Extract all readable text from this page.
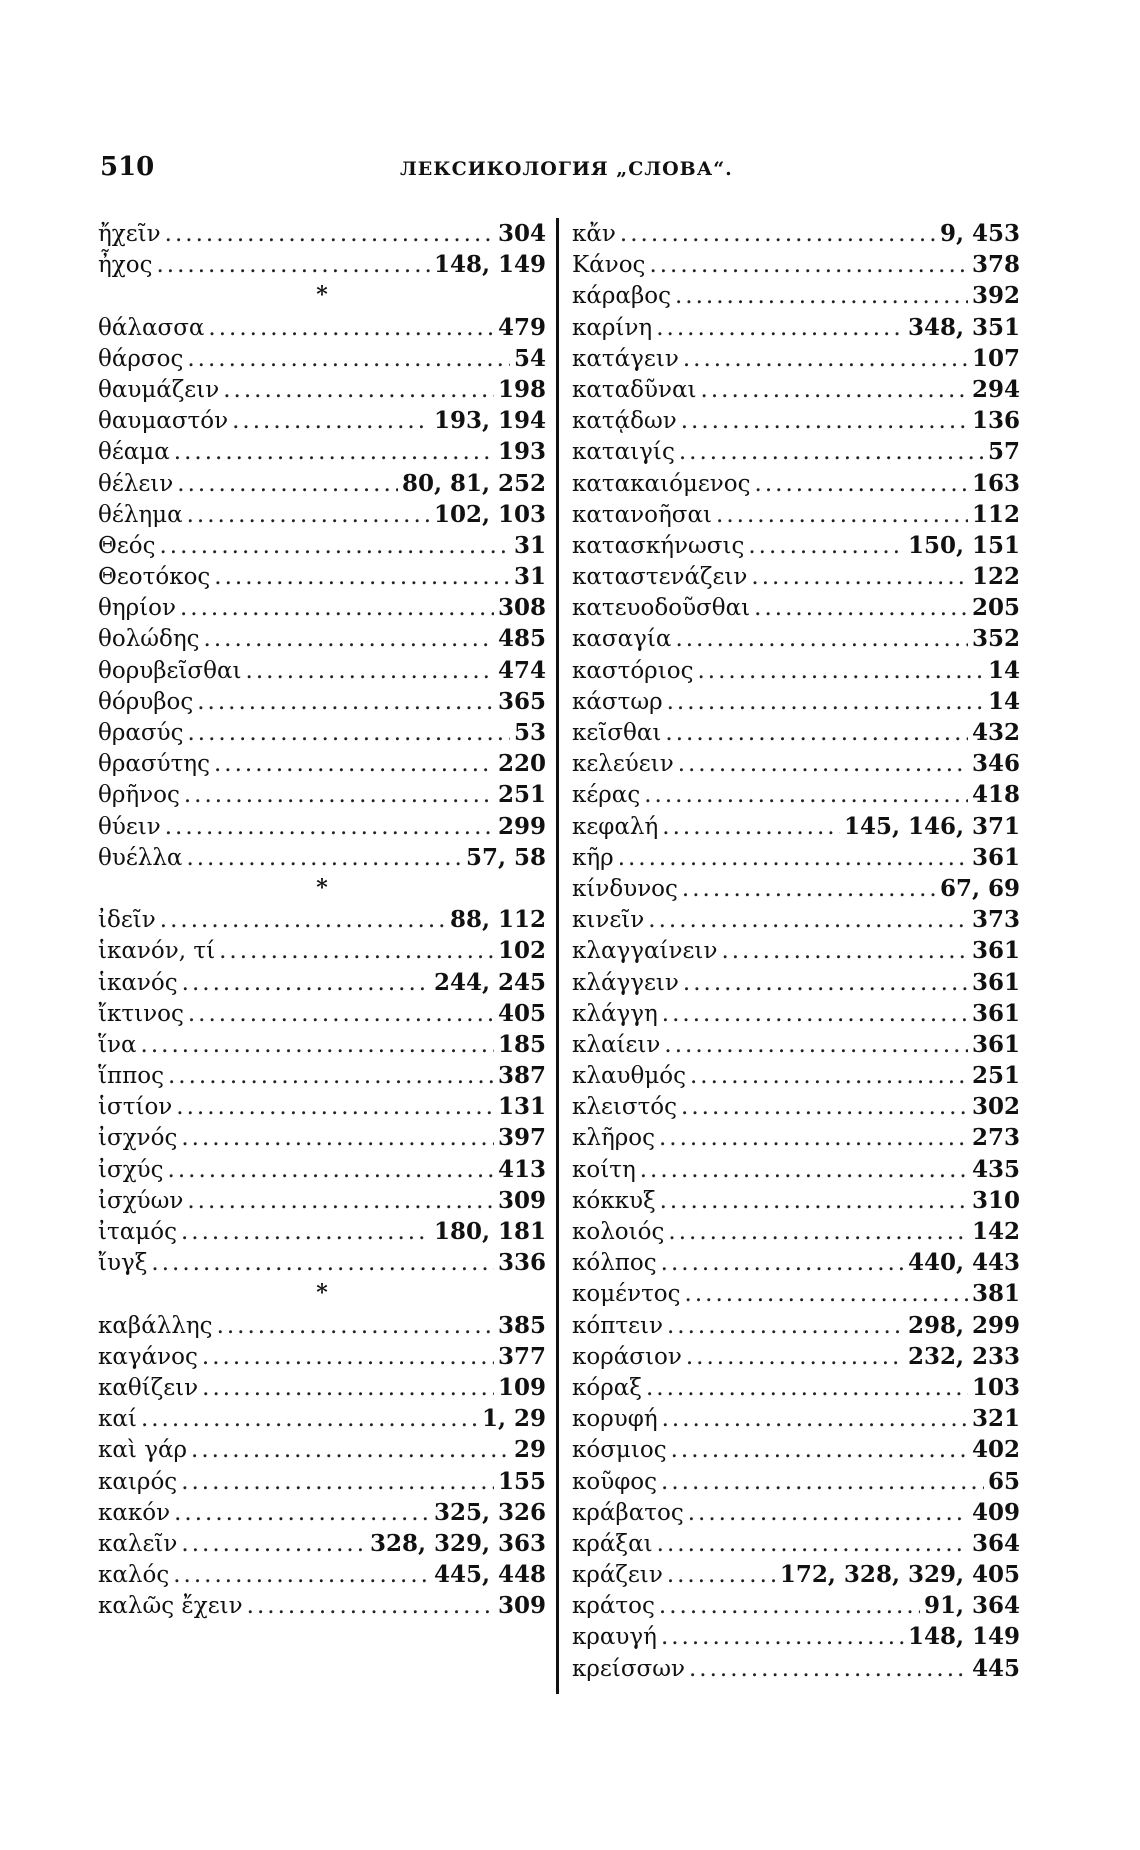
510	ЛЕКСИКОЛОГИЯ „СЛОВА“.
ἤχεῖν .....	304
ἦχος .....	148, 149
*
θάλασσα .....	479
θάρσος .....	54
θαυμάζειν .....	198
θαυμαστόν .....	193, 194
θέαμα .....	193
θέλειν .....	80, 81, 252
θέλημα .....	102, 103
Θεός .....	31
Θεοτόκος .....	31
θηρίον .....	308
θολώδης .....	485
θορυβεῖσθαι .....	474
θόρυβος .....	365
θρασύς .....	53
θρασύτης .....	220
θρῆνος .....	251
θύειν .....	299
θυέλλα .....	57, 58
*
ἰδεῖν .....	88, 112
ἱκανόν, τί .....	102
ἱκανός .....	244, 245
ἴκτινος .....	405
ἵνα .....	185
ἵππος .....	387
ἱστίον .....	131
ἰσχνός .....	397
ἰσχύς .....	413
ἰσχύων .....	309
ἰταμός .....	180, 181
ἴυγξ .....	336
*
καβάλλης .....	385
καγάνος .....	377
καθίζειν .....	109
καί .....	1, 29
καὶ γάρ .....	29
καιρός .....	155
κακόν .....	325, 326
καλεῖν .....	328, 329, 363
καλός .....	445, 448
καλῶς ἔχειν .....	309
κἄν .....	9, 453
Κάνος .....	378
κάραβος .....	392
καρίνη .....	348, 351
κατάγειν .....	107
καταδῦναι .....	294
κατᾴδων .....	136
καταιγίς .....	57
κατακαιόμενος .....	163
κατανοῆσαι .....	112
κατασκήνωσις .....	150, 151
καταστενάζειν .....	122
κατευοδοῦσθαι .....	205
κασαγία .....	352
καστόριος .....	14
κάστωρ .....	14
κεῖσθαι .....	432
κελεύειν .....	346
κέρας .....	418
κεφαλή .....	145, 146, 371
κῆρ .....	361
κίνδυνος .....	67, 69
κινεῖν .....	373
κλαγγαίνειν .....	361
κλάγγειν .....	361
κλάγγη .....	361
κλαίειν .....	361
κλαυθμός .....	251
κλειστός .....	302
κλῆρος .....	273
κοίτη .....	435
κόκκυξ .....	310
κολοιός .....	142
κόλπος .....	440, 443
κομέντος .....	381
κόπτειν .....	298, 299
κοράσιον .....	232, 233
κόραξ .....	103
κορυφή .....	321
κόσμιος .....	402
κοῦφος .....	65
κράβατος .....	409
κράξαι .....	364
κράζειν .....	172, 328, 329, 405
κράτος .....	91, 364
κραυγή .....	148, 149
κρείσσων .....	445
